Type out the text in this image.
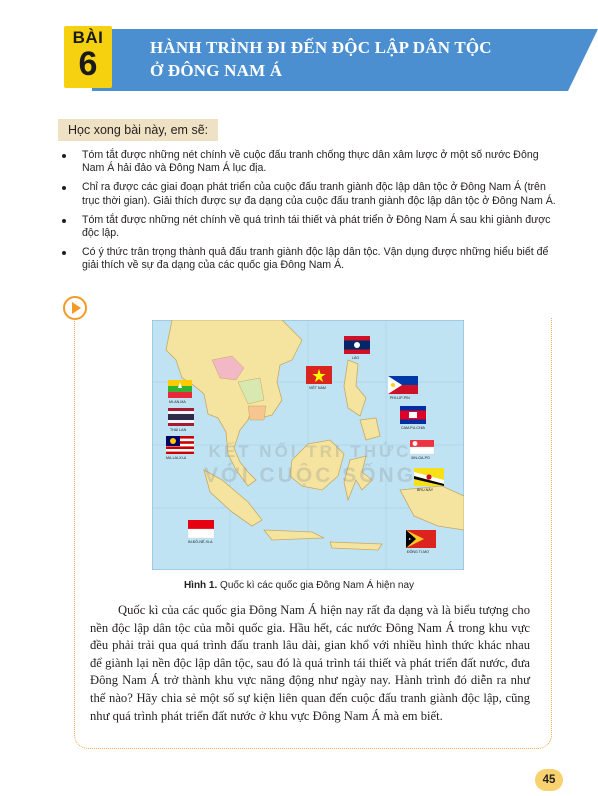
BÀI
6	HÀNH TRÌNH ĐI ĐẾN ĐỘC LẬP DÂN TỘC
Ở ĐÔNG NAM Á
Học xong bài này, em sẽ:
Tóm tắt được những nét chính về cuộc đấu tranh chống thực dân xâm lược ở một số nước Đông Nam Á hải đảo và Đông Nam Á lục địa.
Chỉ ra được các giai đoạn phát triển của cuộc đấu tranh giành độc lập dân tộc ở Đông Nam Á (trên trục thời gian). Giải thích được sự đa dạng của cuộc đấu tranh giành độc lập dân tộc ở Đông Nam Á.
Tóm tắt được những nét chính về quá trình tái thiết và phát triển ở Đông Nam Á sau khi giành được độc lập.
Có ý thức trân trọng thành quả đấu tranh giành độc lập dân tộc. Vận dụng được những hiểu biết để giải thích về sự đa dạng của các quốc gia Đông Nam Á.
MI-AN-MA
THÁI LAN
MA-LAI-XI-A
IN-ĐÔ-NÊ-XI-A
LÀO
VIỆT NAM
PHI-LIP-PIN
CAM-PU-CHIA
XIN-GA-PO
BRU-NÂY
ĐÔNG TI-MO
KẾT NỐI TRI THỨC
VỚI CUỘC SỐNG
Hình 1. Quốc kì các quốc gia Đông Nam Á hiện nay

Quốc kì của các quốc gia Đông Nam Á hiện nay rất đa dạng và là biểu tượng cho nền độc lập dân tộc của mỗi quốc gia. Hầu hết, các nước Đông Nam Á trong khu vực đều phải trải qua quá trình đấu tranh lâu dài, gian khổ với nhiều hình thức khác nhau để giành lại nền độc lập dân tộc, sau đó là quá trình tái thiết và phát triển đất nước, đưa Đông Nam Á trở thành khu vực năng động như ngày nay. Hành trình đó diễn ra như thế nào? Hãy chia sẻ một số sự kiện liên quan đến cuộc đấu tranh giành độc lập, cũng như quá trình phát triển đất nước ở khu vực Đông Nam Á mà em biết.

45
